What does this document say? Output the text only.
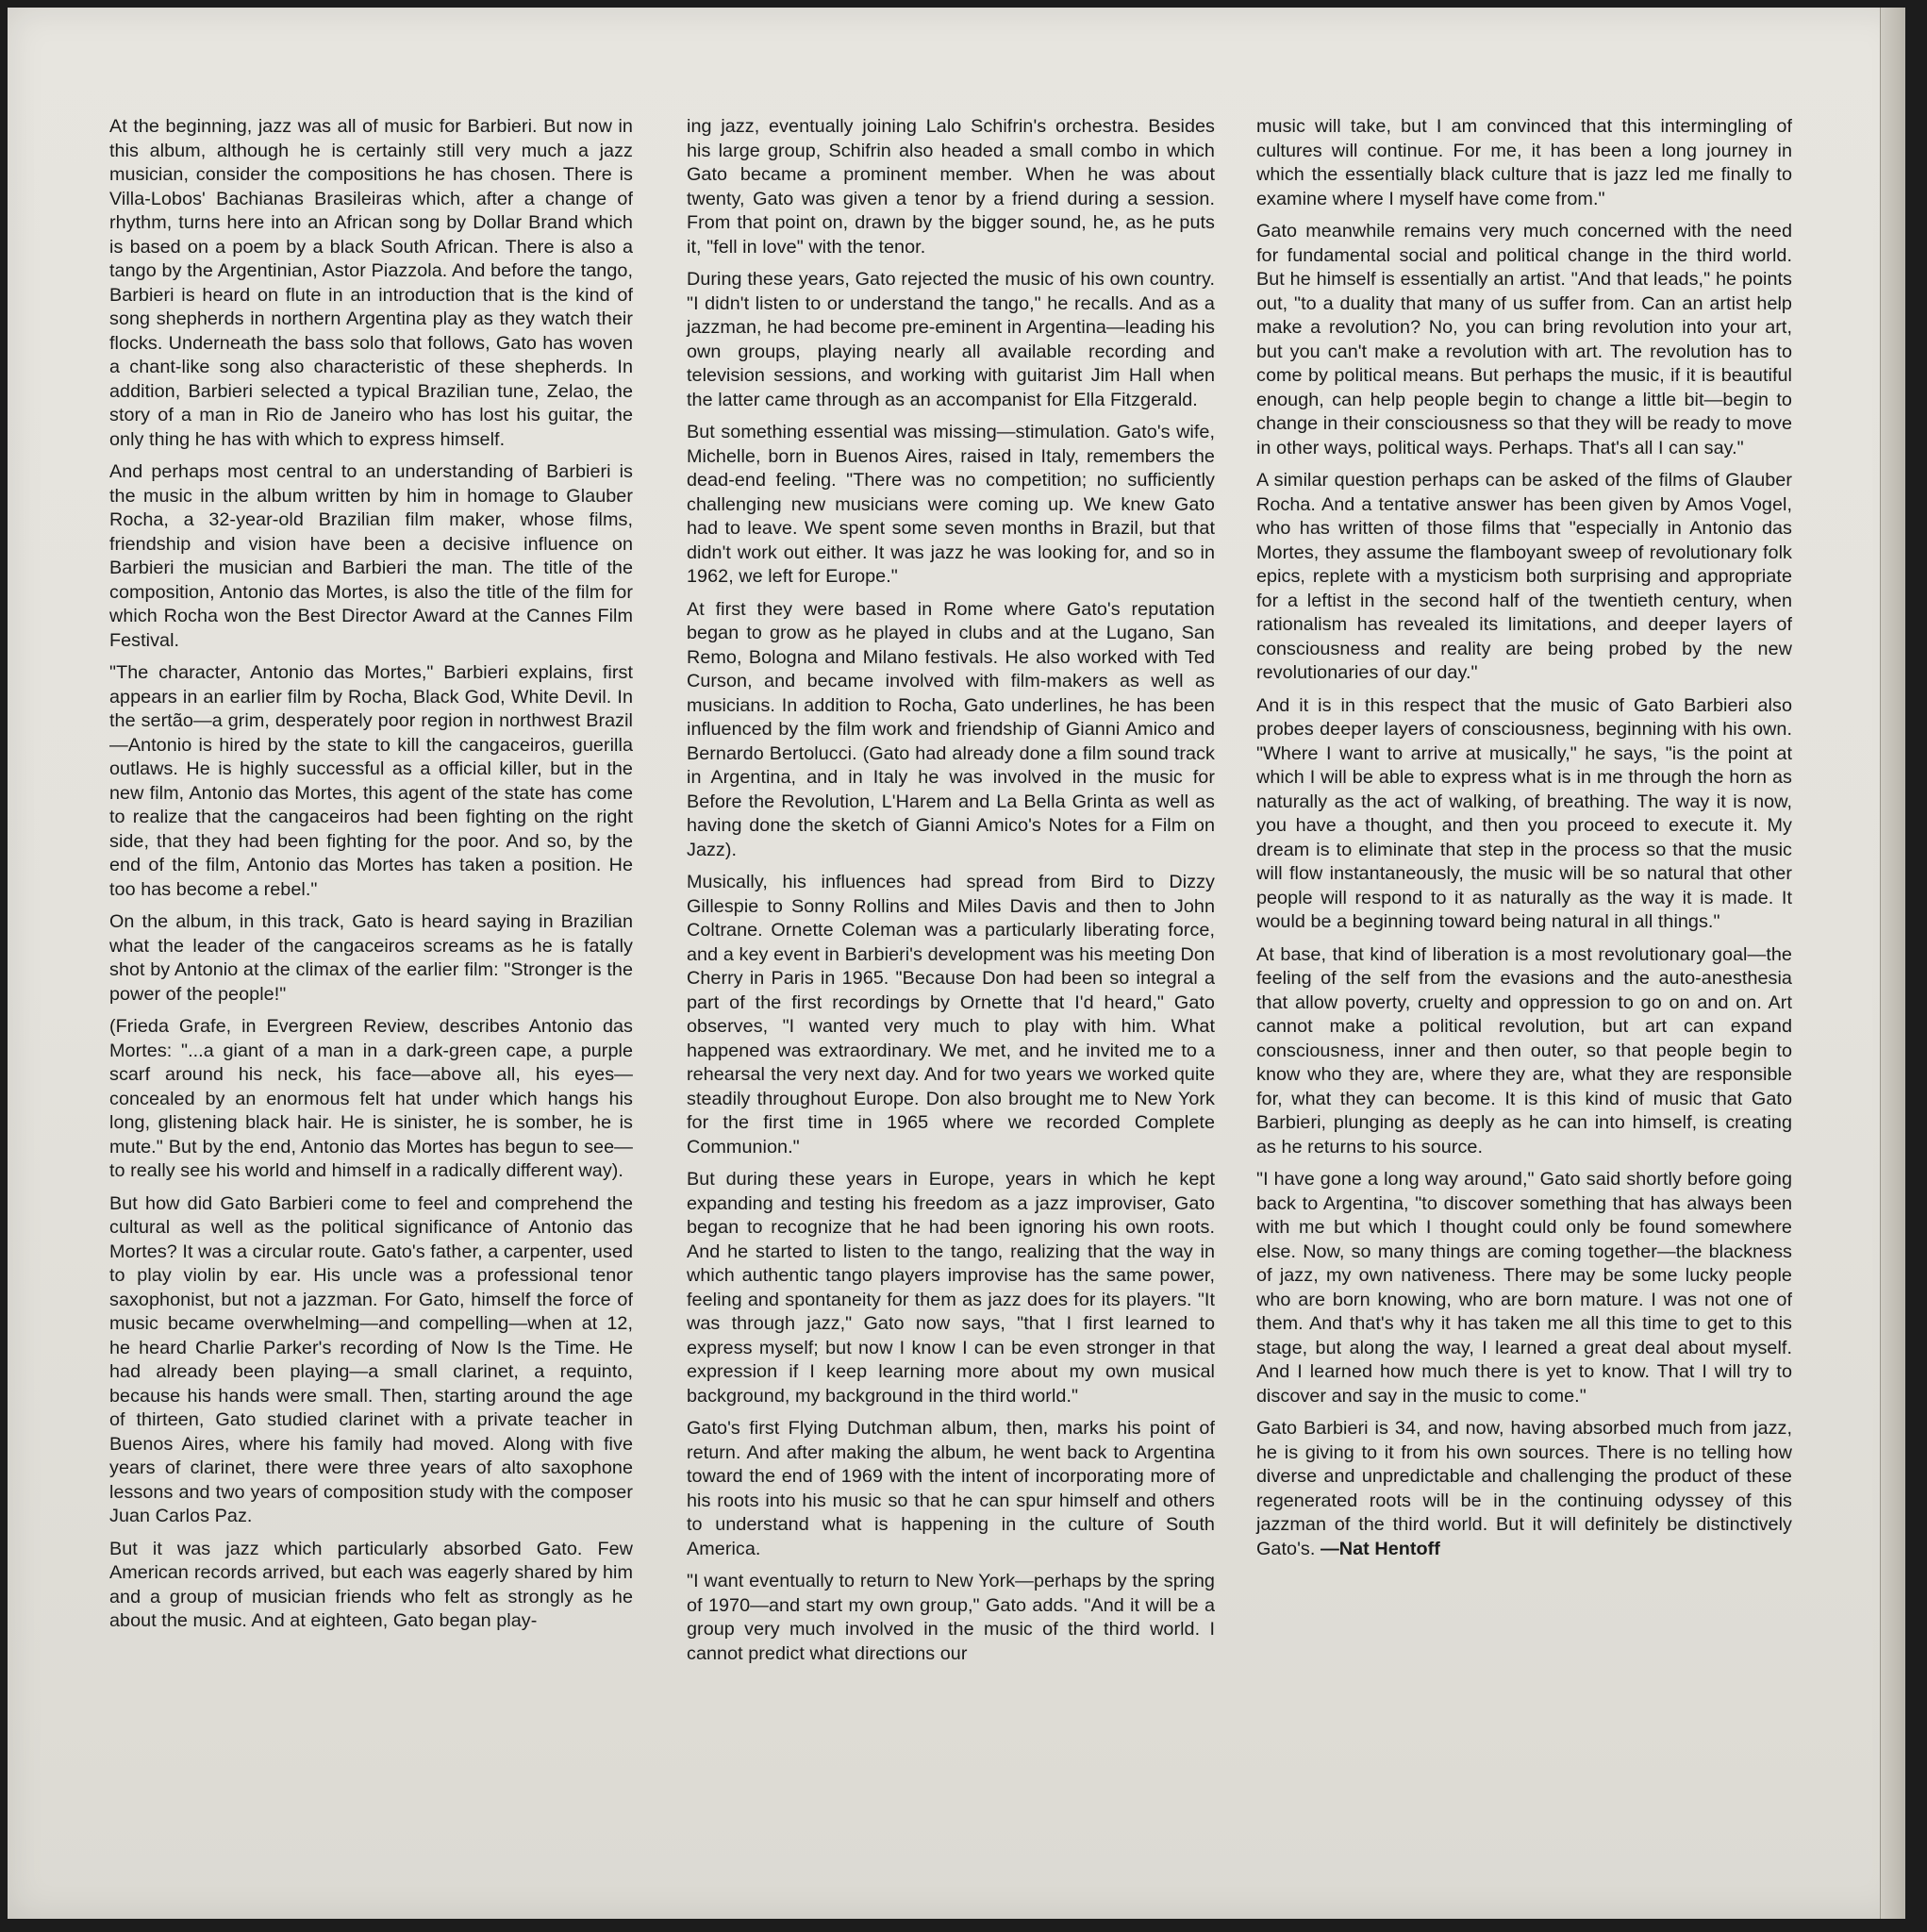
At the beginning, jazz was all of music for Barbieri. But now in this album, although he is certainly still very much a jazz musician, consider the compositions he has chosen. There is Villa-Lobos' Bachianas Brasileiras which, after a change of rhythm, turns here into an African song by Dollar Brand which is based on a poem by a black South African. There is also a tango by the Argentinian, Astor Piazzola. And before the tango, Barbieri is heard on flute in an introduction that is the kind of song shepherds in northern Argentina play as they watch their flocks. Underneath the bass solo that follows, Gato has woven a chant-like song also characteristic of these shepherds. In addition, Barbieri selected a typical Brazilian tune, Zelao, the story of a man in Rio de Janeiro who has lost his guitar, the only thing he has with which to express himself.

And perhaps most central to an understanding of Barbieri is the music in the album written by him in homage to Glauber Rocha, a 32-year-old Brazilian film maker, whose films, friendship and vision have been a decisive influence on Barbieri the musician and Barbieri the man. The title of the composition, Antonio das Mortes, is also the title of the film for which Rocha won the Best Director Award at the Cannes Film Festival.

"The character, Antonio das Mortes," Barbieri explains, first appears in an earlier film by Rocha, Black God, White Devil. In the sertão—a grim, desperately poor region in northwest Brazil—Antonio is hired by the state to kill the cangaceiros, guerilla outlaws. He is highly successful as a official killer, but in the new film, Antonio das Mortes, this agent of the state has come to realize that the cangaceiros had been fighting on the right side, that they had been fighting for the poor. And so, by the end of the film, Antonio das Mortes has taken a position. He too has become a rebel."

On the album, in this track, Gato is heard saying in Brazilian what the leader of the cangaceiros screams as he is fatally shot by Antonio at the climax of the earlier film: "Stronger is the power of the people!"

(Frieda Grafe, in Evergreen Review, describes Antonio das Mortes: "...a giant of a man in a dark-green cape, a purple scarf around his neck, his face—above all, his eyes—concealed by an enormous felt hat under which hangs his long, glistening black hair. He is sinister, he is somber, he is mute." But by the end, Antonio das Mortes has begun to see—to really see his world and himself in a radically different way).

But how did Gato Barbieri come to feel and comprehend the cultural as well as the political significance of Antonio das Mortes? It was a circular route. Gato's father, a carpenter, used to play violin by ear. His uncle was a professional tenor saxophonist, but not a jazzman. For Gato, himself the force of music became overwhelming—and compelling—when at 12, he heard Charlie Parker's recording of Now Is the Time. He had already been playing—a small clarinet, a requinto, because his hands were small. Then, starting around the age of thirteen, Gato studied clarinet with a private teacher in Buenos Aires, where his family had moved. Along with five years of clarinet, there were three years of alto saxophone lessons and two years of composition study with the composer Juan Carlos Paz.

But it was jazz which particularly absorbed Gato. Few American records arrived, but each was eagerly shared by him and a group of musician friends who felt as strongly as he about the music. And at eighteen, Gato began play-

ing jazz, eventually joining Lalo Schifrin's orchestra. Besides his large group, Schifrin also headed a small combo in which Gato became a prominent member. When he was about twenty, Gato was given a tenor by a friend during a session. From that point on, drawn by the bigger sound, he, as he puts it, "fell in love" with the tenor.

During these years, Gato rejected the music of his own country. "I didn't listen to or understand the tango," he recalls. And as a jazzman, he had become pre-eminent in Argentina—leading his own groups, playing nearly all available recording and television sessions, and working with guitarist Jim Hall when the latter came through as an accompanist for Ella Fitzgerald.

But something essential was missing—stimulation. Gato's wife, Michelle, born in Buenos Aires, raised in Italy, remembers the dead-end feeling. "There was no competition; no sufficiently challenging new musicians were coming up. We knew Gato had to leave. We spent some seven months in Brazil, but that didn't work out either. It was jazz he was looking for, and so in 1962, we left for Europe."

At first they were based in Rome where Gato's reputation began to grow as he played in clubs and at the Lugano, San Remo, Bologna and Milano festivals. He also worked with Ted Curson, and became involved with film-makers as well as musicians. In addition to Rocha, Gato underlines, he has been influenced by the film work and friendship of Gianni Amico and Bernardo Bertolucci. (Gato had already done a film sound track in Argentina, and in Italy he was involved in the music for Before the Revolution, L'Harem and La Bella Grinta as well as having done the sketch of Gianni Amico's Notes for a Film on Jazz).

Musically, his influences had spread from Bird to Dizzy Gillespie to Sonny Rollins and Miles Davis and then to John Coltrane. Ornette Coleman was a particularly liberating force, and a key event in Barbieri's development was his meeting Don Cherry in Paris in 1965. "Because Don had been so integral a part of the first recordings by Ornette that I'd heard," Gato observes, "I wanted very much to play with him. What happened was extraordinary. We met, and he invited me to a rehearsal the very next day. And for two years we worked quite steadily throughout Europe. Don also brought me to New York for the first time in 1965 where we recorded Complete Communion."

But during these years in Europe, years in which he kept expanding and testing his freedom as a jazz improviser, Gato began to recognize that he had been ignoring his own roots. And he started to listen to the tango, realizing that the way in which authentic tango players improvise has the same power, feeling and spontaneity for them as jazz does for its players. "It was through jazz," Gato now says, "that I first learned to express myself; but now I know I can be even stronger in that expression if I keep learning more about my own musical background, my background in the third world."

Gato's first Flying Dutchman album, then, marks his point of return. And after making the album, he went back to Argentina toward the end of 1969 with the intent of incorporating more of his roots into his music so that he can spur himself and others to understand what is happening in the culture of South America.

"I want eventually to return to New York—perhaps by the spring of 1970—and start my own group," Gato adds. "And it will be a group very much involved in the music of the third world. I cannot predict what directions our

music will take, but I am convinced that this intermingling of cultures will continue. For me, it has been a long journey in which the essentially black culture that is jazz led me finally to examine where I myself have come from."

Gato meanwhile remains very much concerned with the need for fundamental social and political change in the third world. But he himself is essentially an artist. "And that leads," he points out, "to a duality that many of us suffer from. Can an artist help make a revolution? No, you can bring revolution into your art, but you can't make a revolution with art. The revolution has to come by political means. But perhaps the music, if it is beautiful enough, can help people begin to change a little bit—begin to change in their consciousness so that they will be ready to move in other ways, political ways. Perhaps. That's all I can say."

A similar question perhaps can be asked of the films of Glauber Rocha. And a tentative answer has been given by Amos Vogel, who has written of those films that "especially in Antonio das Mortes, they assume the flamboyant sweep of revolutionary folk epics, replete with a mysticism both surprising and appropriate for a leftist in the second half of the twentieth century, when rationalism has revealed its limitations, and deeper layers of consciousness and reality are being probed by the new revolutionaries of our day."

And it is in this respect that the music of Gato Barbieri also probes deeper layers of consciousness, beginning with his own. "Where I want to arrive at musically," he says, "is the point at which I will be able to express what is in me through the horn as naturally as the act of walking, of breathing. The way it is now, you have a thought, and then you proceed to execute it. My dream is to eliminate that step in the process so that the music will flow instantaneously, the music will be so natural that other people will respond to it as naturally as the way it is made. It would be a beginning toward being natural in all things."

At base, that kind of liberation is a most revolutionary goal—the feeling of the self from the evasions and the auto-anesthesia that allow poverty, cruelty and oppression to go on and on. Art cannot make a political revolution, but art can expand consciousness, inner and then outer, so that people begin to know who they are, where they are, what they are responsible for, what they can become. It is this kind of music that Gato Barbieri, plunging as deeply as he can into himself, is creating as he returns to his source.

"I have gone a long way around," Gato said shortly before going back to Argentina, "to discover something that has always been with me but which I thought could only be found somewhere else. Now, so many things are coming together—the blackness of jazz, my own nativeness. There may be some lucky people who are born knowing, who are born mature. I was not one of them. And that's why it has taken me all this time to get to this stage, but along the way, I learned a great deal about myself. And I learned how much there is yet to know. That I will try to discover and say in the music to come."

Gato Barbieri is 34, and now, having absorbed much from jazz, he is giving to it from his own sources. There is no telling how diverse and unpredictable and challenging the product of these regenerated roots will be in the continuing odyssey of this jazzman of the third world. But it will definitely be distinctively Gato's. —Nat Hentoff
